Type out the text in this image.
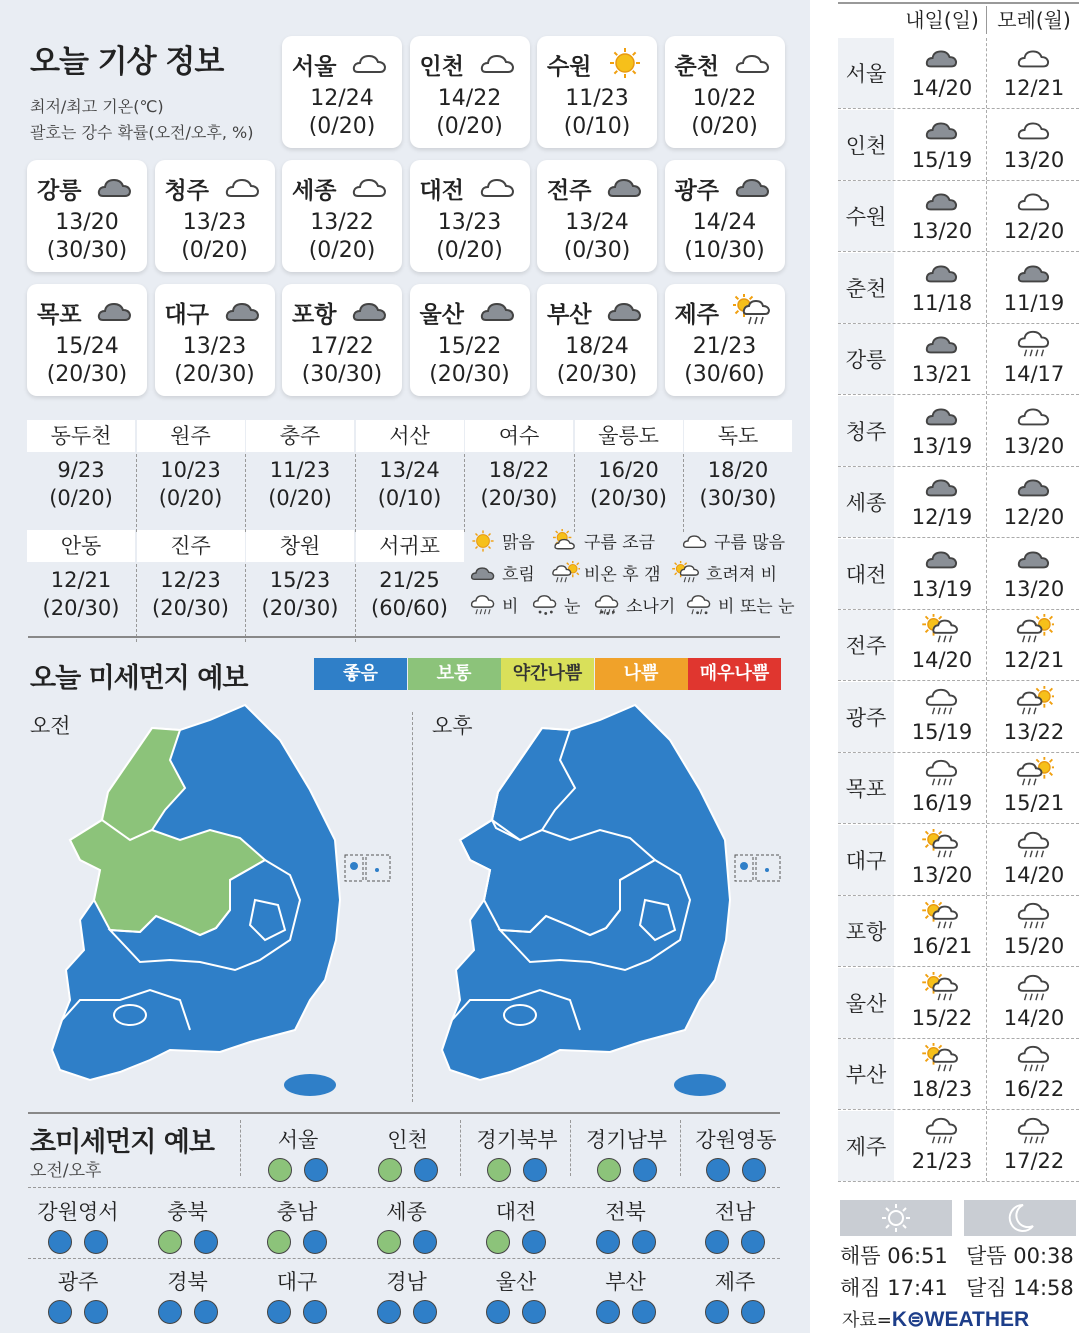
오늘 기상 정보
최저/최고 기온(℃)
괄호는 강수 확률(오전/오후, %)
서울
12/24
(0/20)
인천
14/22
(0/20)
수원
11/23
(0/10)
춘천
10/22
(0/20)
강릉
13/20
(30/30)
청주
13/23
(0/20)
세종
13/22
(0/20)
대전
13/23
(0/20)
전주
13/24
(0/30)
광주
14/24
(10/30)
목포
15/24
(20/30)
대구
13/23
(20/30)
포항
17/22
(30/30)
울산
15/22
(20/30)
부산
18/24
(20/30)
제주
21/23
(30/60)
동두천
9/23
(0/20)
원주
10/23
(0/20)
충주
11/23
(0/20)
서산
13/24
(0/10)
여수
18/22
(20/30)
울릉도
16/20
(20/30)
독도
18/20
(30/30)
안동
12/21
(20/30)
진주
12/23
(20/30)
창원
15/23
(20/30)
서귀포
21/25
(60/60)
맑음	구름 조금	구름 많음
흐림	비온 후 갬	흐려져 비
비	눈	소나기	비 또는 눈
오늘 미세먼지 예보	좋음	보통	약간나쁨	나쁨	매우나쁨
오전	오후
초미세먼지 예보
오전/오후
서울	인천	경기북부	경기남부	강원영동
강원영서	충북	충남	세종	대전	전북	전남
광주	경북	대구	경남	울산	부산	제주
내일(일) 모레(월)
서울
14/20	12/21
인천
15/19	13/20
수원
13/20	12/20
춘천
11/18	11/19
강릉
13/21	14/17
청주
13/19	13/20
세종
12/19	12/20
대전
13/19	13/20
전주
14/20	12/21
광주
15/19	13/22
목포
16/19	15/21
대구
13/20	14/20
포항
16/21	15/20
울산
15/22	14/20
부산
18/23	16/22
제주
21/23	17/22
해뜸 06:51
해짐 17:41
달뜸 00:38
달짐 14:58
자료=K⊜WEATHER
